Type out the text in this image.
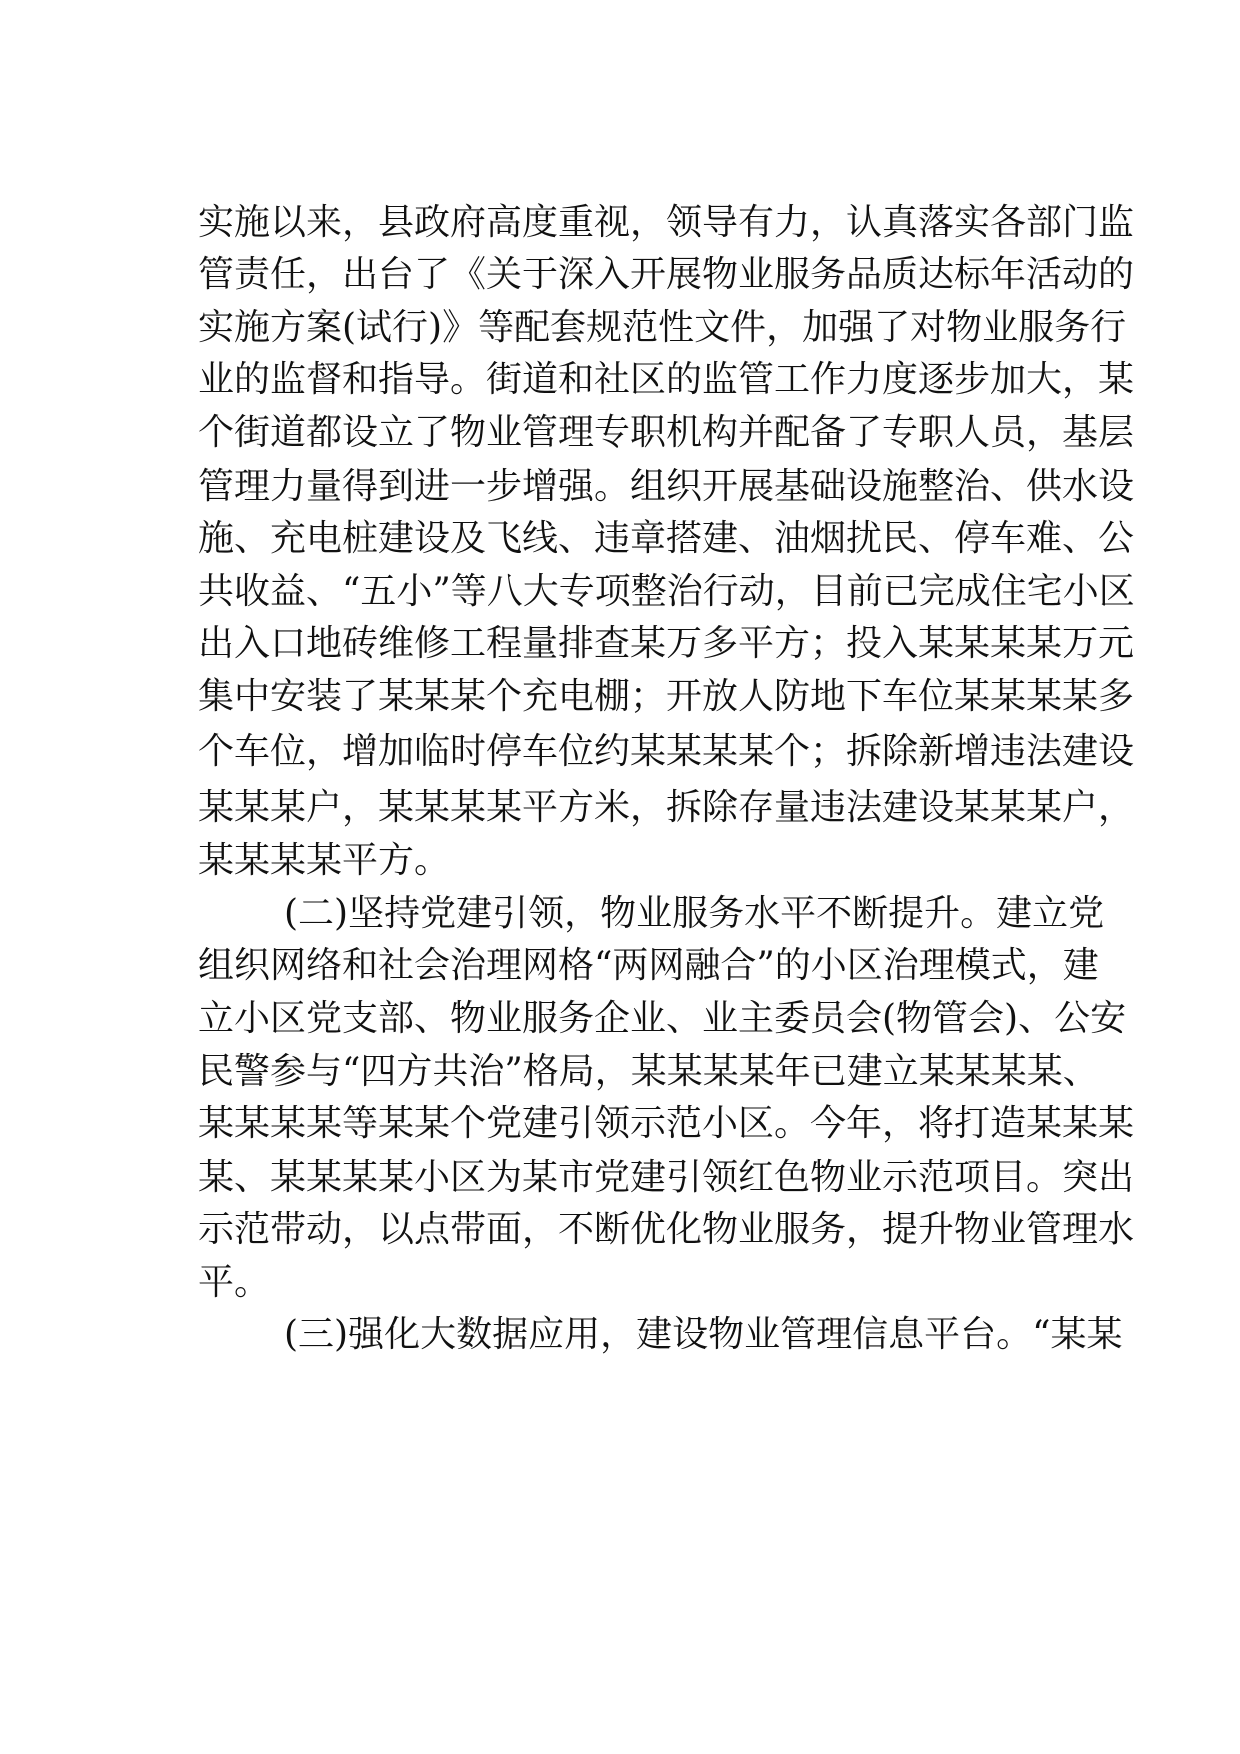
实施以来，县政府高度重视，领导有力，认真落实各部门监
管责任，出台了《关于深入开展物业服务品质达标年活动的
实施方案(试行)》等配套规范性文件，加强了对物业服务行
业的监督和指导。街道和社区的监管工作力度逐步加大，某
个街道都设立了物业管理专职机构并配备了专职人员，基层
管理力量得到进一步增强。组织开展基础设施整治、供水设
施、充电桩建设及飞线、违章搭建、油烟扰民、停车难、公
共收益、“五小”等八大专项整治行动，目前已完成住宅小区
出入口地砖维修工程量排查某万多平方；投入某某某某万元
集中安装了某某某个充电棚；开放人防地下车位某某某某多
个车位，增加临时停车位约某某某某个；拆除新增违法建设
某某某户，某某某某平方米，拆除存量违法建设某某某户，
某某某某平方。
(二)坚持党建引领，物业服务水平不断提升。建立党
组织网络和社会治理网格“两网融合”的小区治理模式，建
立小区党支部、物业服务企业、业主委员会(物管会)、公安
民警参与“四方共治”格局，某某某某年已建立某某某某、
某某某某等某某个党建引领示范小区。今年，将打造某某某
某、某某某某小区为某市党建引领红色物业示范项目。突出
示范带动，以点带面，不断优化物业服务，提升物业管理水
平。
(三)强化大数据应用，建设物业管理信息平台。“某某
